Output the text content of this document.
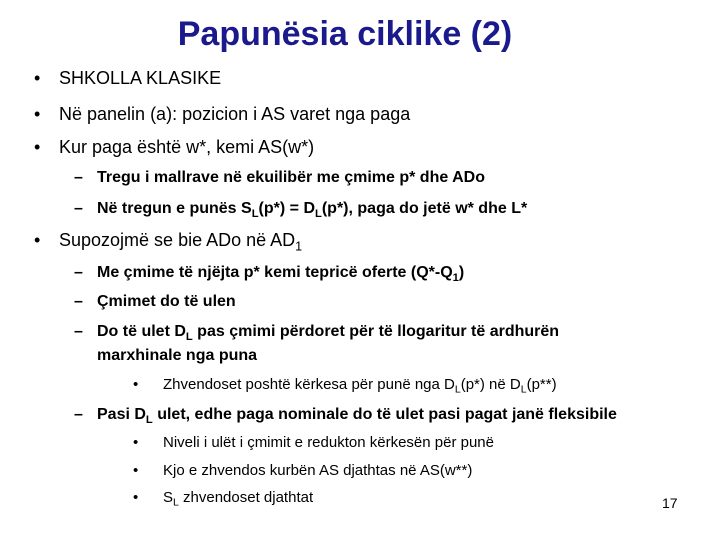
Papunësia ciklike (2)
• SHKOLLA KLASIKE
• Në panelin (a): pozicion i AS varet nga paga
• Kur paga është w*, kemi AS(w*)
– Tregu i mallrave në ekuilibër me çmime p* dhe ADo
– Në tregun e punës $S_L(p*) = D_L(p*)$, paga do jetë w* dhe L*
• Supozojmë se bie ADo në $AD_1$
– Me çmime të njëjta p* kemi tepricë oferte $(Q*-Q_1)$
– Çmimet do të ulen
– Do të ulet $D_L$ pas çmimi përdoret për të llogaritur të ardhurën
marxhinale nga puna
• Zhvendoset poshtë kërkesa për punë nga $D_L(p*)$ në $D_L(p**)$
– Pasi $D_L$ ulet, edhe paga nominale do të ulet pasi pagat janë fleksibile
• Niveli i ulët i çmimit e redukton kërkesën për punë
• Kjo e zhvendos kurbën AS djathtas në AS(w**)
• $S_L$ zhvendoset djathtat	17
